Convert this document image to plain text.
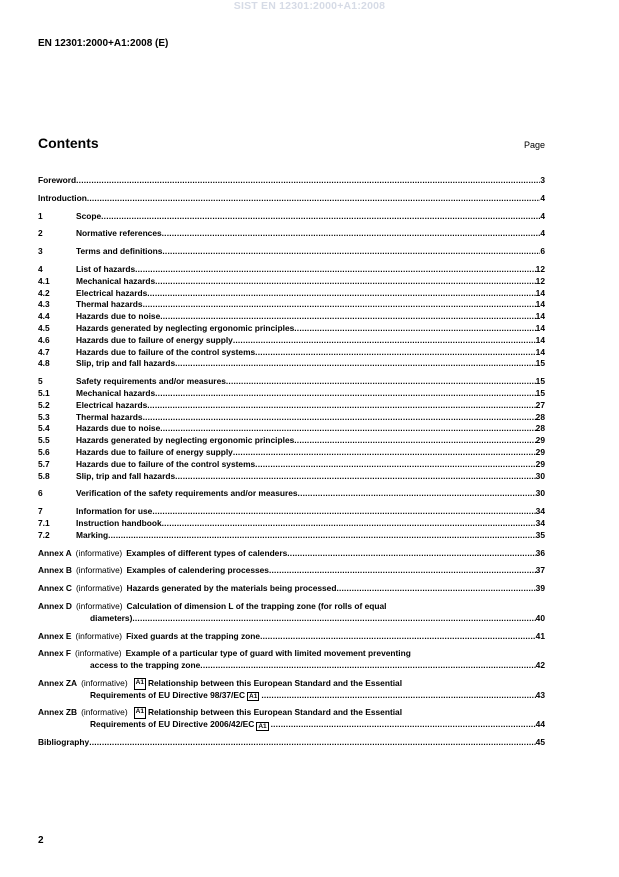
SIST EN 12301:2000+A1:2008
EN 12301:2000+A1:2008 (E)
Contents	Page
Foreword .....	3
Introduction .....	4
1	Scope .....	4
2	Normative references .....	4
3	Terms and definitions .....	6
4	List of hazards .....	12
4.1	Mechanical hazards .....	12
4.2	Electrical hazards .....	14
4.3	Thermal hazards .....	14
4.4	Hazards due to noise .....	14
4.5	Hazards generated by neglecting ergonomic principles .....	14
4.6	Hazards due to failure of energy supply .....	14
4.7	Hazards due to failure of the control systems .....	14
4.8	Slip, trip and fall hazards .....	15
5	Safety requirements and/or measures .....	15
5.1	Mechanical hazards .....	15
5.2	Electrical hazards .....	27
5.3	Thermal hazards .....	28
5.4	Hazards due to noise .....	28
5.5	Hazards generated by neglecting ergonomic principles .....	29
5.6	Hazards due to failure of energy supply .....	29
5.7	Hazards due to failure of the control systems .....	29
5.8	Slip, trip and fall hazards .....	30
6	Verification of the safety requirements and/or measures .....	30
7	Information for use .....	34
7.1	Instruction handbook .....	34
7.2	Marking .....	35
Annex A (informative) Examples of different types of calenders .....	36
Annex B (informative) Examples of calendering processes .....	37
Annex C (informative) Hazards generated by the materials being processed .....	39
Annex D (informative) Calculation of dimension L of the trapping zone (for rolls of equal
diameters) .....	40
Annex E (informative) Fixed guards at the trapping zone .....	41
Annex F (informative) Example of a particular type of guard with limited movement preventing
access to the trapping zone .....	42
Annex ZA (informative)	A1 Relationship between this European Standard and the Essential
Requirements of EU Directive 98/37/EC A1 .....	43
Annex ZB (informative)	A1 Relationship between this European Standard and the Essential
Requirements of EU Directive 2006/42/EC A1 .....	44
Bibliography .....	45
2
